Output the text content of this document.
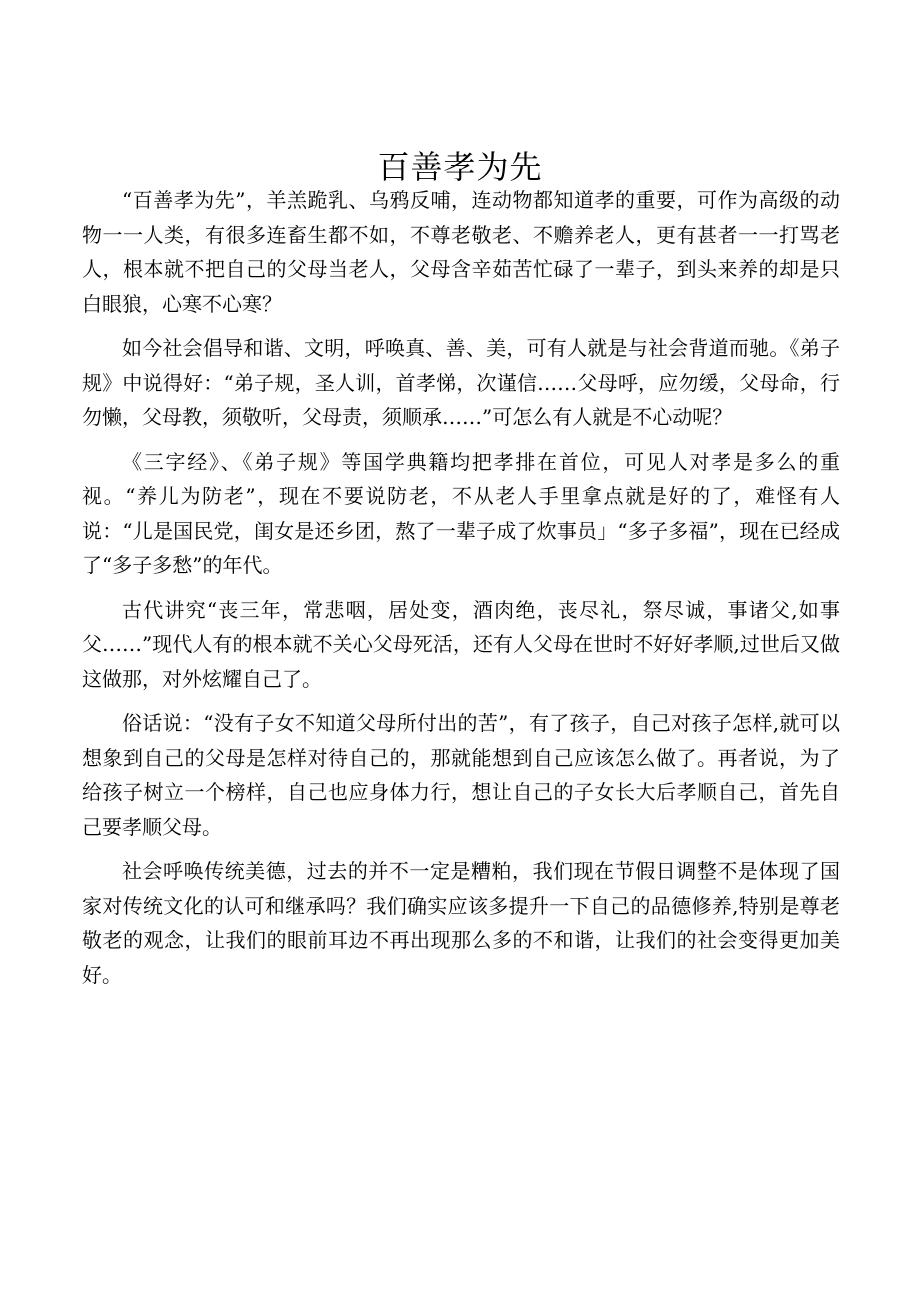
百善孝为先

“百善孝为先”，羊羔跪乳、乌鸦反哺，连动物都知道孝的重要，可作为高级的动物一一人类，有很多连畜生都不如，不尊老敬老、不赡养老人，更有甚者一一打骂老人，根本就不把自己的父母当老人，父母含辛茹苦忙碌了一辈子，到头来养的却是只白眼狼，心寒不心寒？

如今社会倡导和谐、文明，呼唤真、善、美，可有人就是与社会背道而驰。《弟子规》中说得好：“弟子规，圣人训，首孝悌，次谨信……父母呼，应勿缓，父母命，行勿懒，父母教，须敬听，父母责，须顺承……”可怎么有人就是不心动呢？

《三字经》、《弟子规》等国学典籍均把孝排在首位，可见人对孝是多么的重视。“养儿为防老”，现在不要说防老，不从老人手里拿点就是好的了，难怪有人说：“儿是国民党，闺女是还乡团，熬了一辈子成了炊事员」“多子多福”，现在已经成了“多子多愁”的年代。

古代讲究“丧三年，常悲咽，居处变，酒肉绝，丧尽礼，祭尽诚，事诸父,如事父……”现代人有的根本就不关心父母死活，还有人父母在世时不好好孝顺,过世后又做这做那，对外炫耀自己了。

俗话说：“没有子女不知道父母所付出的苦”，有了孩子，自己对孩子怎样,就可以想象到自己的父母是怎样对待自己的，那就能想到自己应该怎么做了。再者说，为了给孩子树立一个榜样，自己也应身体力行，想让自己的子女长大后孝顺自己，首先自己要孝顺父母。

社会呼唤传统美德，过去的并不一定是糟粕，我们现在节假日调整不是体现了国家对传统文化的认可和继承吗？我们确实应该多提升一下自己的品德修养,特别是尊老敬老的观念，让我们的眼前耳边不再出现那么多的不和谐，让我们的社会变得更加美好。
